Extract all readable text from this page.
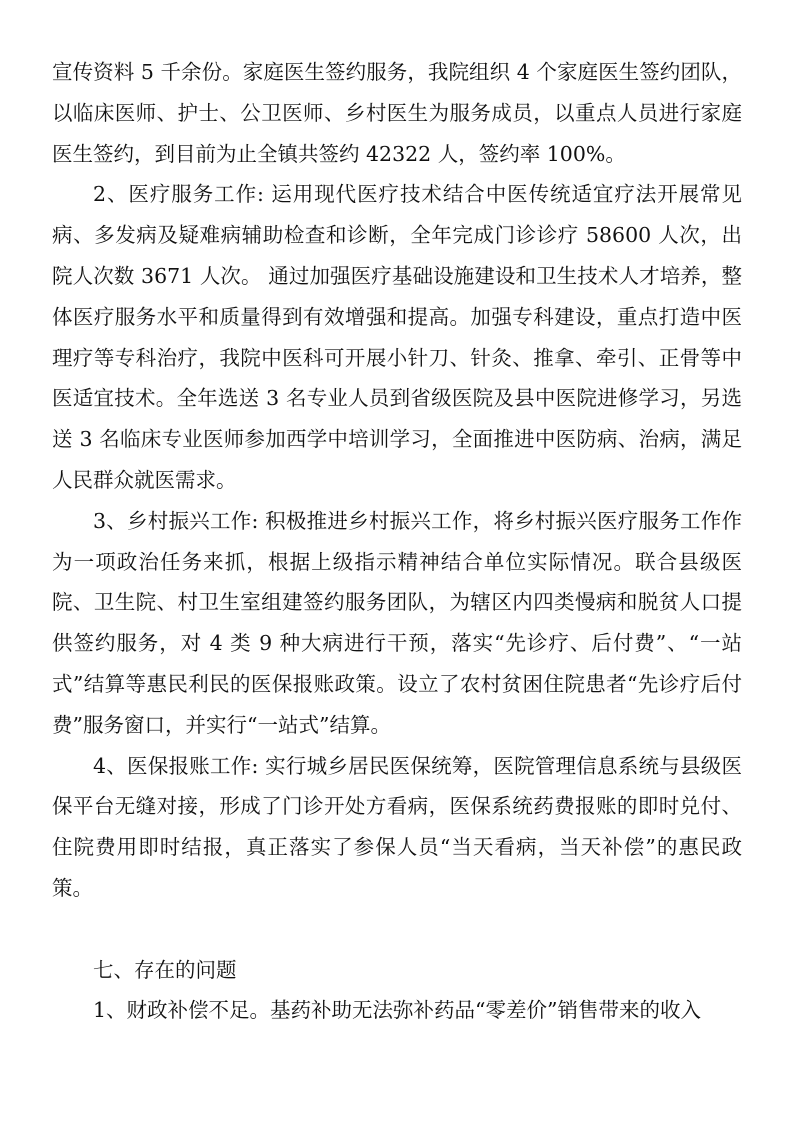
宣传资料 5 千余份。家庭医生签约服务，我院组织 4 个家庭医生签约团队，以临床医师、护士、公卫医师、乡村医生为服务成员，以重点人员进行家庭医生签约，到目前为止全镇共签约 42322 人，签约率 100%。

2、医疗服务工作: 运用现代医疗技术结合中医传统适宜疗法开展常见病、多发病及疑难病辅助检查和诊断，全年完成门诊诊疗 58600 人次，出院人次数 3671 人次。 通过加强医疗基础设施建设和卫生技术人才培养，整体医疗服务水平和质量得到有效增强和提高。加强专科建设，重点打造中医理疗等专科治疗，我院中医科可开展小针刀、针灸、推拿、牵引、正骨等中医适宜技术。全年选送 3 名专业人员到省级医院及县中医院进修学习，另选送 3 名临床专业医师参加西学中培训学习，全面推进中医防病、治病，满足人民群众就医需求。

3、乡村振兴工作: 积极推进乡村振兴工作，将乡村振兴医疗服务工作作为一项政治任务来抓，根据上级指示精神结合单位实际情况。联合县级医院、卫生院、村卫生室组建签约服务团队，为辖区内四类慢病和脱贫人口提供签约服务，对 4 类 9 种大病进行干预，落实“先诊疗、后付费”、“一站式”结算等惠民利民的医保报账政策。设立了农村贫困住院患者“先诊疗后付费”服务窗口，并实行“一站式”结算。

4、医保报账工作: 实行城乡居民医保统筹，医院管理信息系统与县级医保平台无缝对接，形成了门诊开处方看病，医保系统药费报账的即时兑付、住院费用即时结报，真正落实了参保人员“当天看病，当天补偿”的惠民政策。

七、存在的问题

1、财政补偿不足。基药补助无法弥补药品“零差价”销售带来的收入
